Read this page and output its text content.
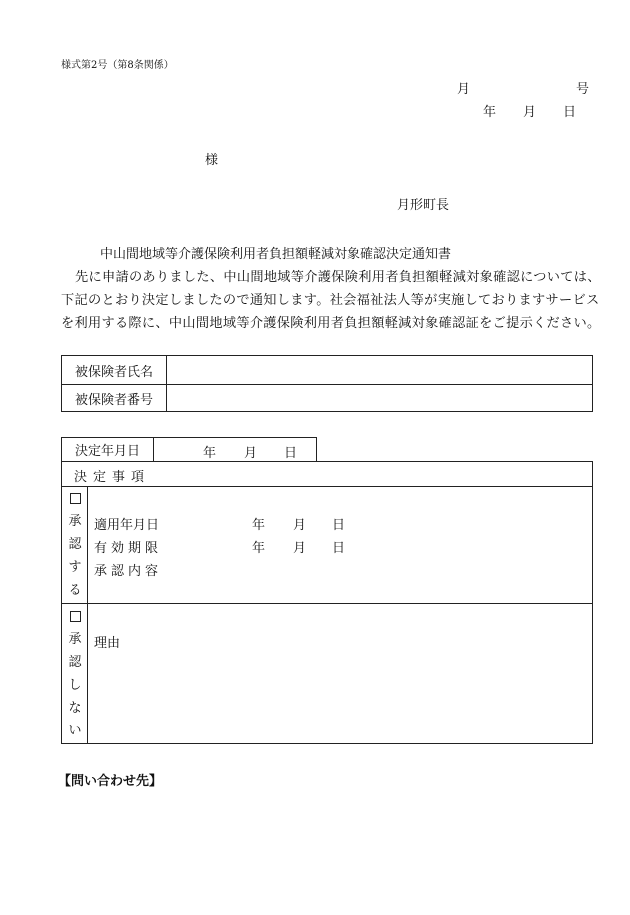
様式第2号（第8条関係）
月	号
年 月 日
様
月形町長
中山間地域等介護保険利用者負担額軽減対象確認決定通知書
先に申請のありました、中山間地域等介護保険利用者負担額軽減対象確認については、
下記のとおり決定しましたので通知します。社会福祉法人等が実施しておりますサービス
を利用する際に、中山間地域等介護保険利用者負担額軽減対象確認証をご提示ください。
被保険者氏名
被保険者番号
決定年月日	年 月 日
決定事項
承
認
す
る
適用年月日	年 月 日
有効期限	年 月 日
承認内容
承
認
し
な
い
理由
【問い合わせ先】
